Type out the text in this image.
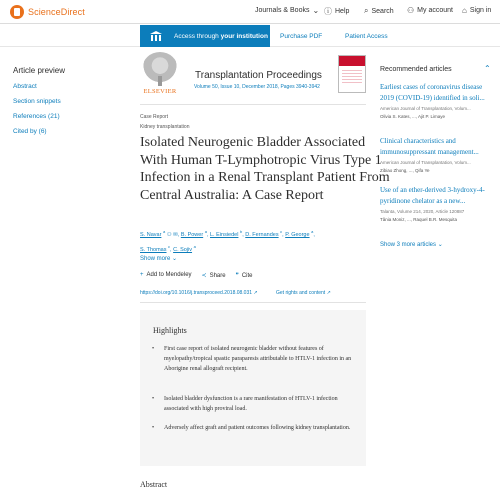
ScienceDirect	Journals & Books ⌄ ⓘ Help ⌕ Search ⚇ My account ⌂ Sign in
Access through your institution Purchase PDF	Patient Access
Article preview
Abstract
Section snippets
References (21)
Cited by (6)
ELSEVIER
Transplantation Proceedings
Volume 50, Issue 10, December 2018, Pages 3940-3942
Case Report
Kidney transplantation
Isolated Neurogenic Bladder Associated With Human T-Lymphotropic Virus Type 1 Infection in a Renal Transplant Patient From Central Australia: A Case Report
S. Navar $^a$ ⚇ ✉, B. Power $^a$, L. Einsiedel $^b$, D. Fernandes $^c$, P. George $^a$,
S. Thomas $^c$, C. Sojiv $^a$
Show more ⌄
+ Add to Mendeley ≺ Share ❞ Cite
https://doi.org/10.1016/j.transproceed.2018.08.031 ↗	Get rights and content ↗
Highlights
•	First case report of isolated neurogenic bladder without features of myelopathy/tropical spastic paraparesis attributable to HTLV-1 infection in an Aborigine renal allograft recipient.
•	Isolated bladder dysfunction is a rare manifestation of HTLV-1 infection associated with high proviral load.
•	Adversely affect graft and patient outcomes following kidney transplantation.
Abstract
Recommended articles	⌃
Earliest cases of coronavirus disease 2019 (COVID-19) identified in soli...
American Journal of Transplantation, Volum...
Olivia S. Kates, ..., Ajit P. Limaye
Clinical characteristics and immunosuppressant management...
American Journal of Transplantation, Volum...
Zibiao Zhong, ..., Qifa Ye
Use of an ether-derived 3-hydroxy-4-pyridinone chelator as a new...
Talanta, Volume 214, 2020, Article 120887
Tânia Moniz, ..., Raquel B.R. Mesquita
Show 3 more articles ⌄
